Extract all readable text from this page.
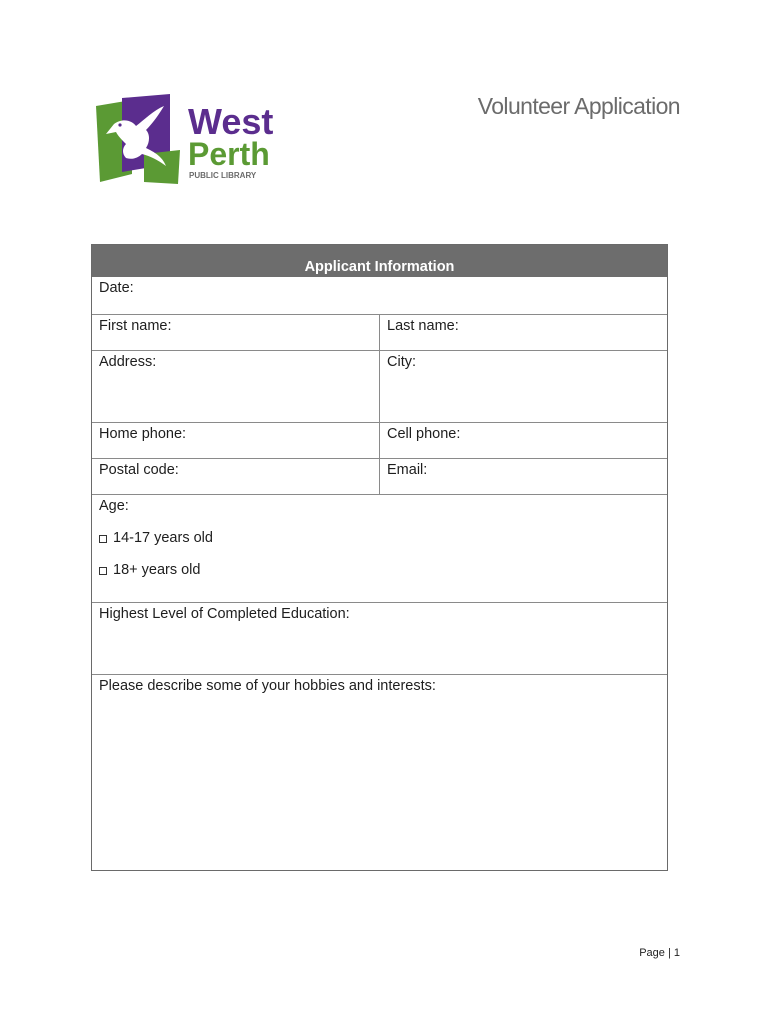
West
Perth
PUBLIC LIBRARY
Volunteer Application
Applicant Information
Date:
First name:	Last name:
Address:	City:
Home phone:	Cell phone:
Postal code:	Email:
Age:
14-17 years old
18+ years old
Highest Level of Completed Education:
Please describe some of your hobbies and interests:
Page | 1
